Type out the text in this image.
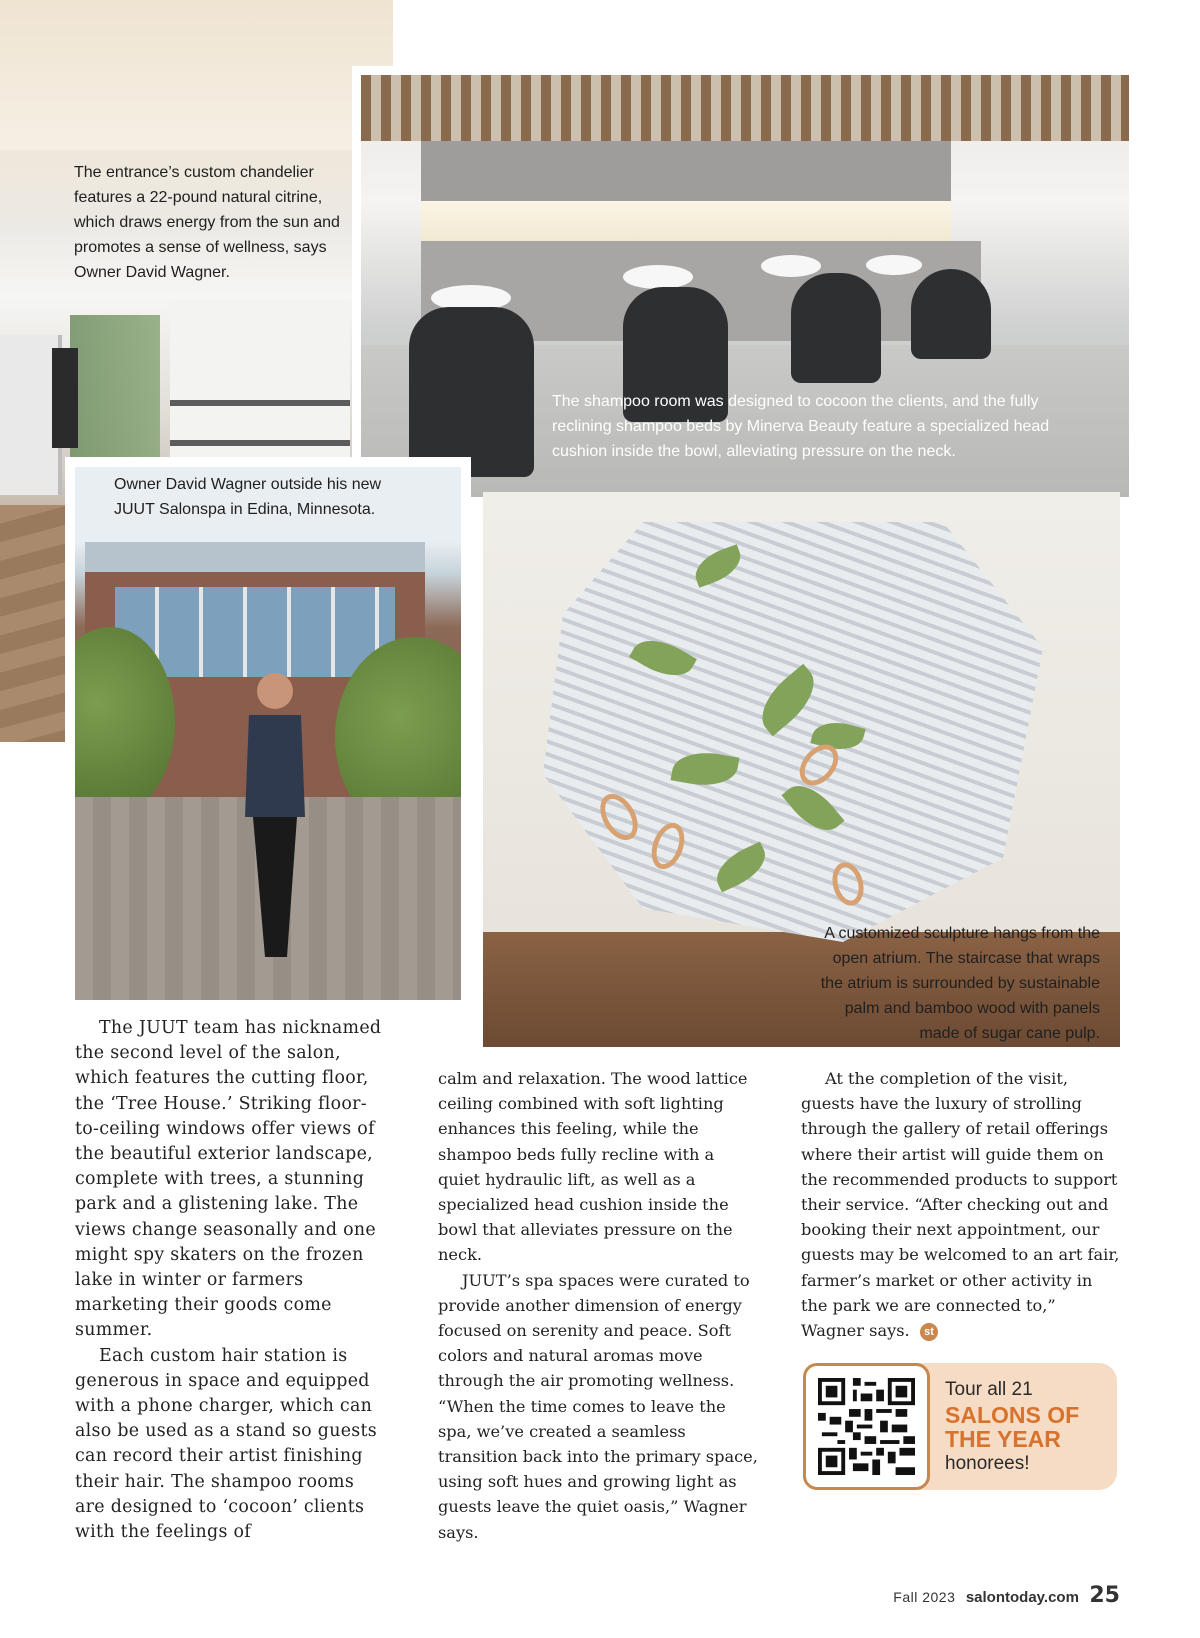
The entrance’s custom chandelier features a 22-pound natural citrine, which draws energy from the sun and promotes a sense of wellness, says Owner David Wagner.
The shampoo room was designed to cocoon the clients, and the fully reclining shampoo beds by Minerva Beauty feature a specialized head cushion inside the bowl, alleviating pressure on the neck.
A customized sculpture hangs from the open atrium. The staircase that wraps the atrium is surrounded by sustainable palm and bamboo wood with panels made of sugar cane pulp.
Owner David Wagner outside his new JUUT Salonspa in Edina, Minnesota.

The JUUT team has nicknamed the second level of the salon, which features the cutting floor, the ‘Tree House.’ Striking floor-to-ceiling windows offer views of the beautiful exterior landscape, complete with trees, a stunning park and a glistening lake. The views change seasonally and one might spy skaters on the frozen lake in winter or farmers marketing their goods come summer.

Each custom hair station is generous in space and equipped with a phone charger, which can also be used as a stand so guests can record their artist finishing their hair. The shampoo rooms are designed to ‘cocoon’ clients with the feelings of

calm and relaxation. The wood lattice ceiling combined with soft lighting enhances this feeling, while the shampoo beds fully recline with a quiet hydraulic lift, as well as a specialized head cushion inside the bowl that alleviates pressure on the neck.

JUUT’s spa spaces were curated to provide another dimension of energy focused on serenity and peace. Soft colors and natural aromas move through the air promoting wellness. “When the time comes to leave the spa, we’ve created a seamless transition back into the primary space, using soft hues and growing light as guests leave the quiet oasis,” Wagner says.

At the completion of the visit, guests have the luxury of strolling through the gallery of retail offerings where their artist will guide them on the recommended products to support their service. “After checking out and booking their next appointment, our guests may be welcomed to an art fair, farmer’s market or other activity in the park we are connected to,” Wagner says. st

Tour all 21
SALONS OF
THE YEAR
honorees!
Fall 2023 salontoday.com 25
